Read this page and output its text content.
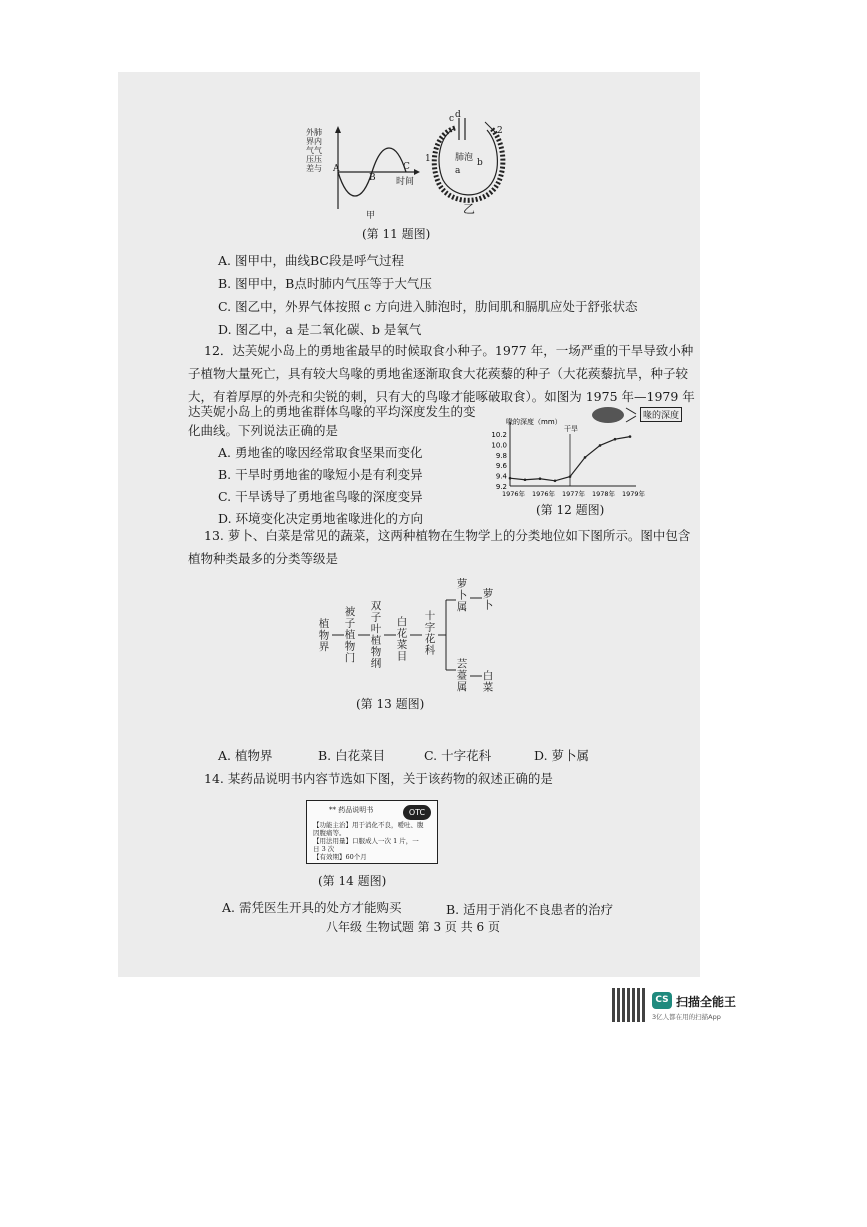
外肺
界内
气气
压压
差与	A
B
C
时间
甲
c d
1
2
肺泡
a
b
乙
(第 11 题图)
A. 图甲中，曲线BC段是呼气过程
B. 图甲中，B点时肺内气压等于大气压
C. 图乙中，外界气体按照 c 方向进入肺泡时，肋间肌和膈肌应处于舒张状态
D. 图乙中，a 是二氧化碳、b 是氧气
12．达芙妮小岛上的勇地雀最早的时候取食小种子。1977 年，一场严重的干旱导致小种
子植物大量死亡，具有较大鸟喙的勇地雀逐渐取食大花蒺藜的种子（大花蒺藜抗旱，种子较
大，有着厚厚的外壳和尖锐的刺，只有大的鸟喙才能啄破取食）。如图为 1975 年—1979 年
达芙妮小岛上的勇地雀群体鸟喙的平均深度发生的变
化曲线。下列说法正确的是
A. 勇地雀的喙因经常取食坚果而变化
B. 干旱时勇地雀的喙短小是有利变异
C. 干旱诱导了勇地雀鸟喙的深度变异
D. 环境变化决定勇地雀喙进化的方向
喙的深度
喙的深度（mm）
9.2
9.4
9.6
9.8
10.0
10.2
1976年 1976年 1977年 1978年 1979年
干旱
(第 12 题图)
13. 萝卜、白菜是常见的蔬菜，这两种植物在生物学上的分类地位如下图所示。图中包含
植物种类最多的分类等级是
植物界 被子植物门 双子叶植物纲 白花菜目 十字花科
萝卜属
芸薹属
萝卜
白菜
(第 13 题图)
A. 植物界	B. 白花菜目	C. 十字花科	D. 萝卜属
14. 某药品说明书内容节选如下图，关于该药物的叙述正确的是
** 药品说明书	OTC
【功能主治】用于消化不良，嗳吐、腹
因腹痛等。
【用法用量】口服成人一次 1 片，一
日 3 次
【有效期】60个月
(第 14 题图)
A. 需凭医生开具的处方才能购买	B. 适用于消化不良患者的治疗
八年级 生物试题 第 3 页 共 6 页
CS 扫描全能王
3亿人都在用的扫描App
